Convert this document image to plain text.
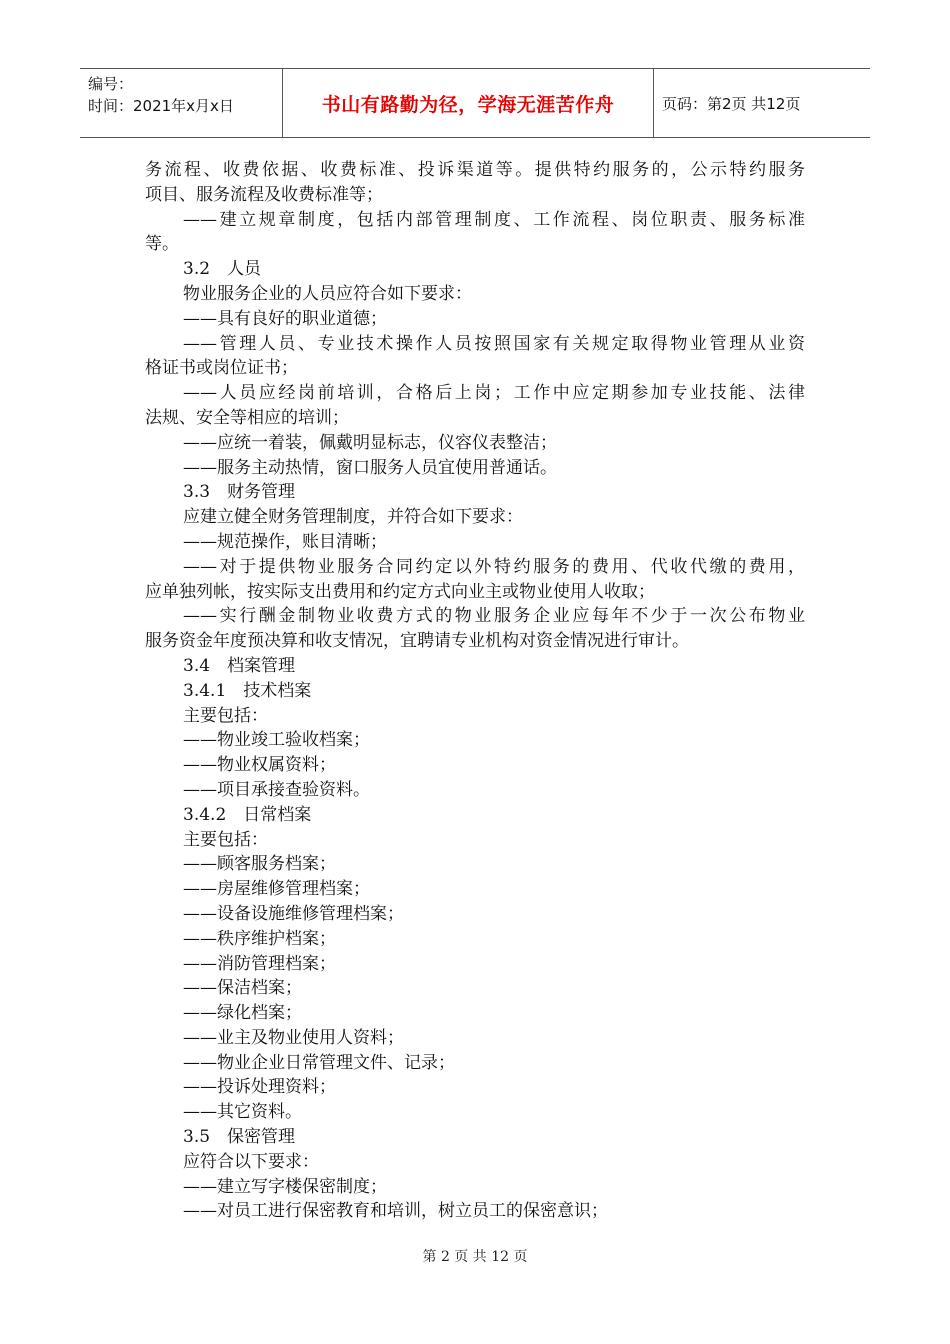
编号：
时间：2021年x月x日	书山有路勤为径，学海无涯苦作舟	页码：第2页 共12页
务流程、收费依据、收费标准、投诉渠道等。提供特约服务的，公示特约服务
项目、服务流程及收费标准等；
——建立规章制度，包括内部管理制度、工作流程、岗位职责、服务标准
等。
3.2　人员
物业服务企业的人员应符合如下要求：
——具有良好的职业道德；
——管理人员、专业技术操作人员按照国家有关规定取得物业管理从业资
格证书或岗位证书；
——人员应经岗前培训，合格后上岗；工作中应定期参加专业技能、法律
法规、安全等相应的培训；
——应统一着装，佩戴明显标志，仪容仪表整洁；
——服务主动热情，窗口服务人员宜使用普通话。
3.3　财务管理
应建立健全财务管理制度，并符合如下要求：
——规范操作，账目清晰；
——对于提供物业服务合同约定以外特约服务的费用、代收代缴的费用，
应单独列帐，按实际支出费用和约定方式向业主或物业使用人收取；
——实行酬金制物业收费方式的物业服务企业应每年不少于一次公布物业
服务资金年度预决算和收支情况，宜聘请专业机构对资金情况进行审计。
3.4　档案管理
3.4.1　技术档案
主要包括：
——物业竣工验收档案；
——物业权属资料；
——项目承接查验资料。
3.4.2　日常档案
主要包括：
——顾客服务档案；
——房屋维修管理档案；
——设备设施维修管理档案；
——秩序维护档案；
——消防管理档案；
——保洁档案；
——绿化档案；
——业主及物业使用人资料；
——物业企业日常管理文件、记录；
——投诉处理资料；
——其它资料。
3.5　保密管理
应符合以下要求：
——建立写字楼保密制度；
——对员工进行保密教育和培训，树立员工的保密意识；
第 2 页 共 12 页
